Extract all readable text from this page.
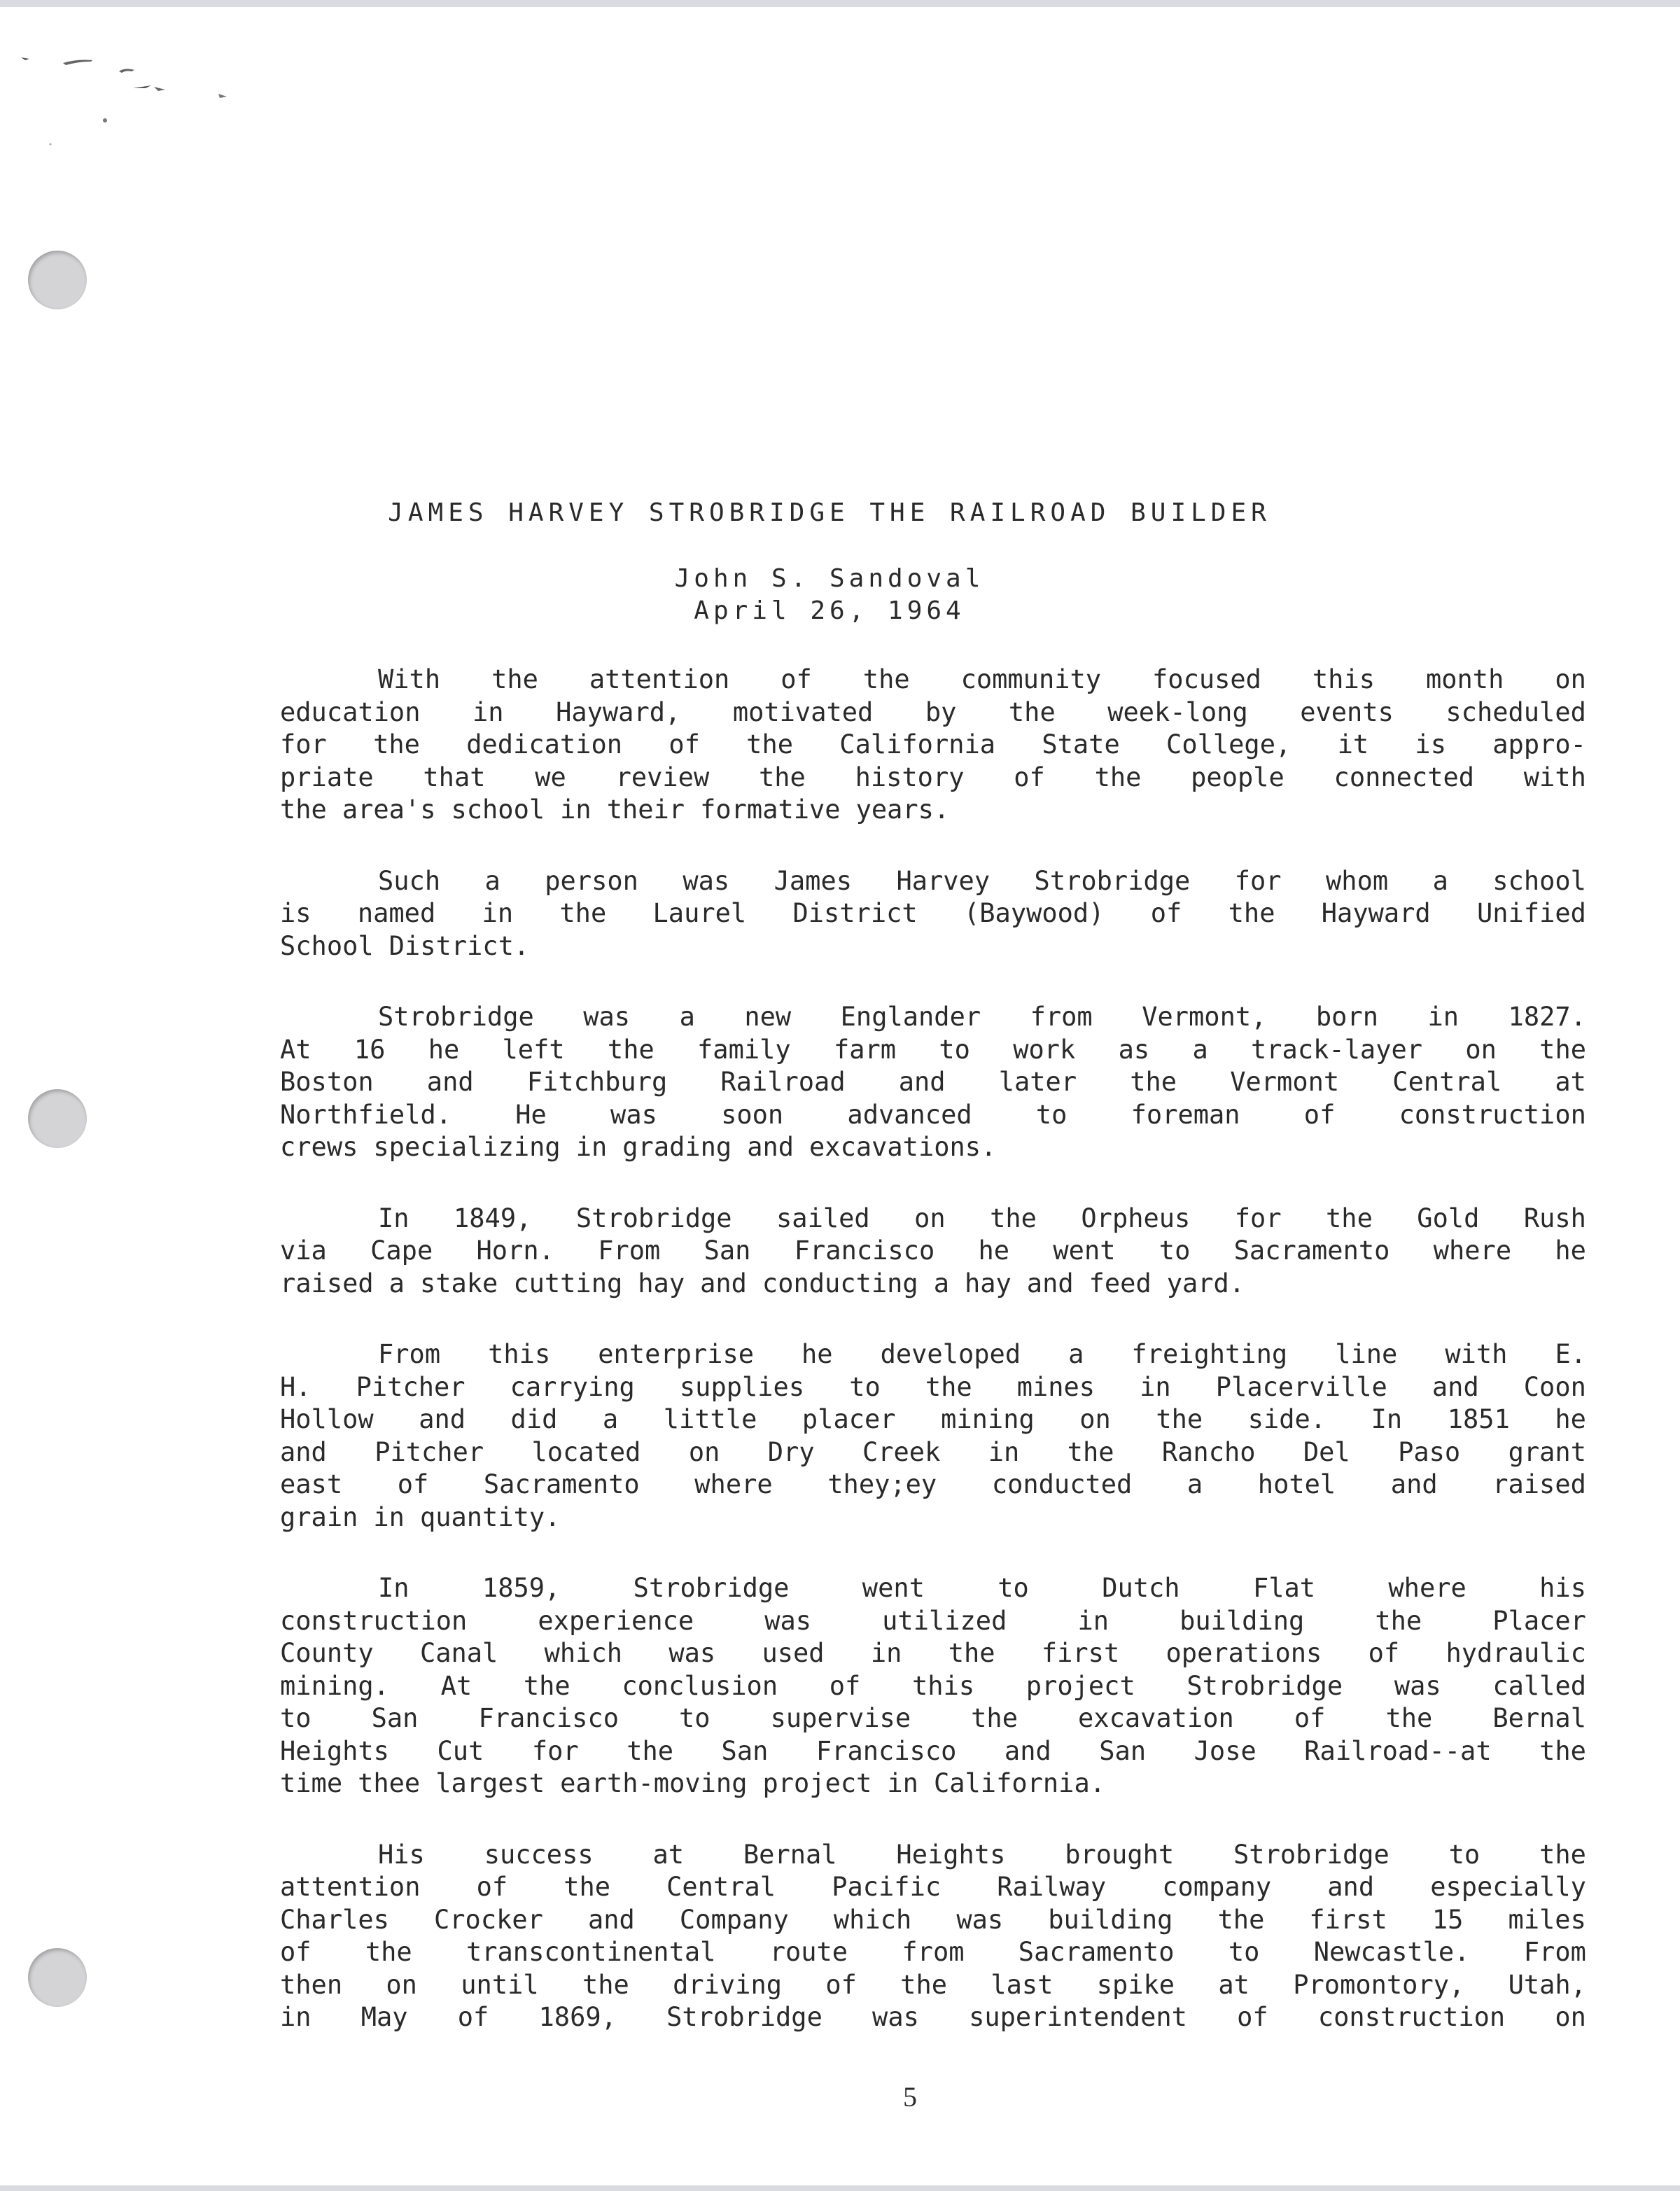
JAMES HARVEY STROBRIDGE THE RAILROAD BUILDER

John S. Sandoval

April 26, 1964

With the attention of the community focused this month on
education in Hayward, motivated by the week-long events scheduled
for the dedication of the California State College, it is appro-
priate that we review the history of the people connected with
the area's school in their formative years.
Such a person was James Harvey Strobridge for whom a school
is named in the Laurel District (Baywood) of the Hayward Unified
School District.
Strobridge was a new Englander from Vermont, born in 1827.
At 16 he left the family farm to work as a track-layer on the
Boston and Fitchburg Railroad and later the Vermont Central at
Northfield. He was soon advanced to foreman of construction
crews specializing in grading and excavations.
In 1849, Strobridge sailed on the Orpheus for the Gold Rush
via Cape Horn. From San Francisco he went to Sacramento where he
raised a stake cutting hay and conducting a hay and feed yard.
From this enterprise he developed a freighting line with E.
H. Pitcher carrying supplies to the mines in Placerville and Coon
Hollow and did a little placer mining on the side. In 1851 he
and Pitcher located on Dry Creek in the Rancho Del Paso grant
east of Sacramento where they;ey conducted a hotel and raised
grain in quantity.
In	1859,	Strobridge	went	to	Dutch	Flat	where	his
construction	experience	was	utilized	in	building	the	Placer
County Canal which was used in the first operations of hydraulic
mining. At the conclusion of this project Strobridge was called
to San Francisco to supervise the excavation of the Bernal
Heights Cut for the San Francisco and San Jose Railroad--at the
time thee largest earth-moving project in California.
His success at Bernal Heights brought Strobridge to the
attention of the Central Pacific Railway company and especially
Charles Crocker and Company which was building the first 15 miles
of the transcontinental route from Sacramento to Newcastle. From
then on until the driving of the last spike at Promontory, Utah,
in May of 1869, Strobridge was superintendent of construction on

5
